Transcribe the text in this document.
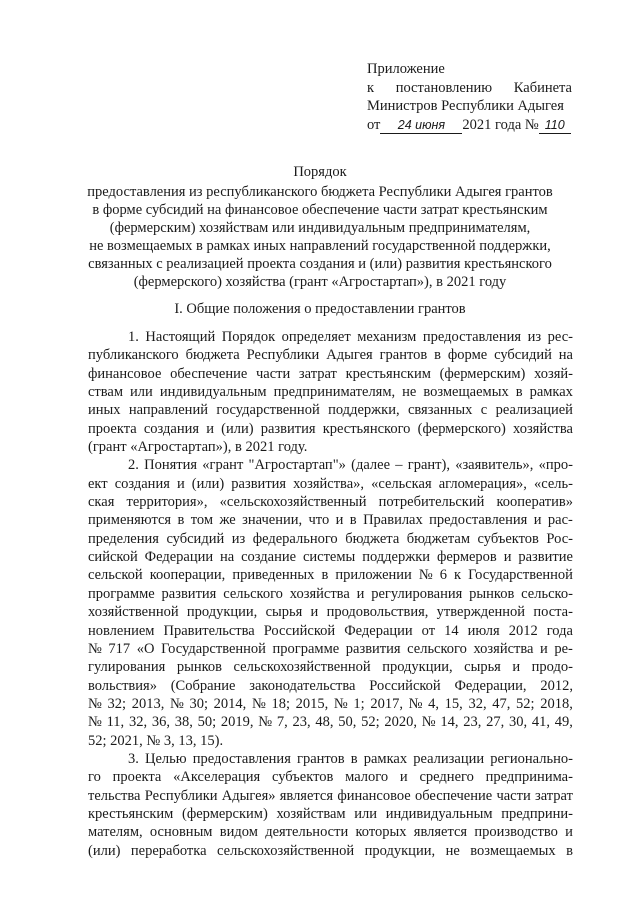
Приложение
к постановлению Кабинета
Министров Республики Адыгея
от 24 июня 2021 года № 110
Порядок
предоставления из республиканского бюджета Республики Адыгея грантов
в форме субсидий на финансовое обеспечение части затрат крестьянским
(фермерским) хозяйствам или индивидуальным предпринимателям,
не возмещаемых в рамках иных направлений государственной поддержки,
связанных с реализацией проекта создания и (или) развития крестьянского
(фермерского) хозяйства (грант «Агростартап»), в 2021 году
I. Общие положения о предоставлении грантов
1. Настоящий Порядок определяет механизм предоставления из рес-
публиканского бюджета Республики Адыгея грантов в форме субсидий на
финансовое обеспечение части затрат крестьянским (фермерским) хозяй-
ствам или индивидуальным предпринимателям, не возмещаемых в рамках
иных направлений государственной поддержки, связанных с реализацией
проекта создания и (или) развития крестьянского (фермерского) хозяйства
(грант «Агростартап»), в 2021 году.
2. Понятия «грант "Агростартап"» (далее – грант), «заявитель», «про-
ект создания и (или) развития хозяйства», «сельская агломерация», «сель-
ская территория», «сельскохозяйственный потребительский кооператив»
применяются в том же значении, что и в Правилах предоставления и рас-
пределения субсидий из федерального бюджета бюджетам субъектов Рос-
сийской Федерации на создание системы поддержки фермеров и развитие
сельской кооперации, приведенных в приложении № 6 к Государственной
программе развития сельского хозяйства и регулирования рынков сельско-
хозяйственной продукции, сырья и продовольствия, утвержденной поста-
новлением Правительства Российской Федерации от 14 июля 2012 года
№ 717 «О Государственной программе развития сельского хозяйства и ре-
гулирования рынков сельскохозяйственной продукции, сырья и продо-
вольствия» (Собрание законодательства Российской Федерации, 2012,
№ 32; 2013, № 30; 2014, № 18; 2015, № 1; 2017, № 4, 15, 32, 47, 52; 2018,
№ 11, 32, 36, 38, 50; 2019, № 7, 23, 48, 50, 52; 2020, № 14, 23, 27, 30, 41, 49,
52; 2021, № 3, 13, 15).
3. Целью предоставления грантов в рамках реализации регионально-
го проекта «Акселерация субъектов малого и среднего предпринима-
тельства Республики Адыгея» является финансовое обеспечение части затрат
крестьянским (фермерским) хозяйствам или индивидуальным предприни-
мателям, основным видом деятельности которых является производство и
(или) переработка сельскохозяйственной продукции, не возмещаемых в
